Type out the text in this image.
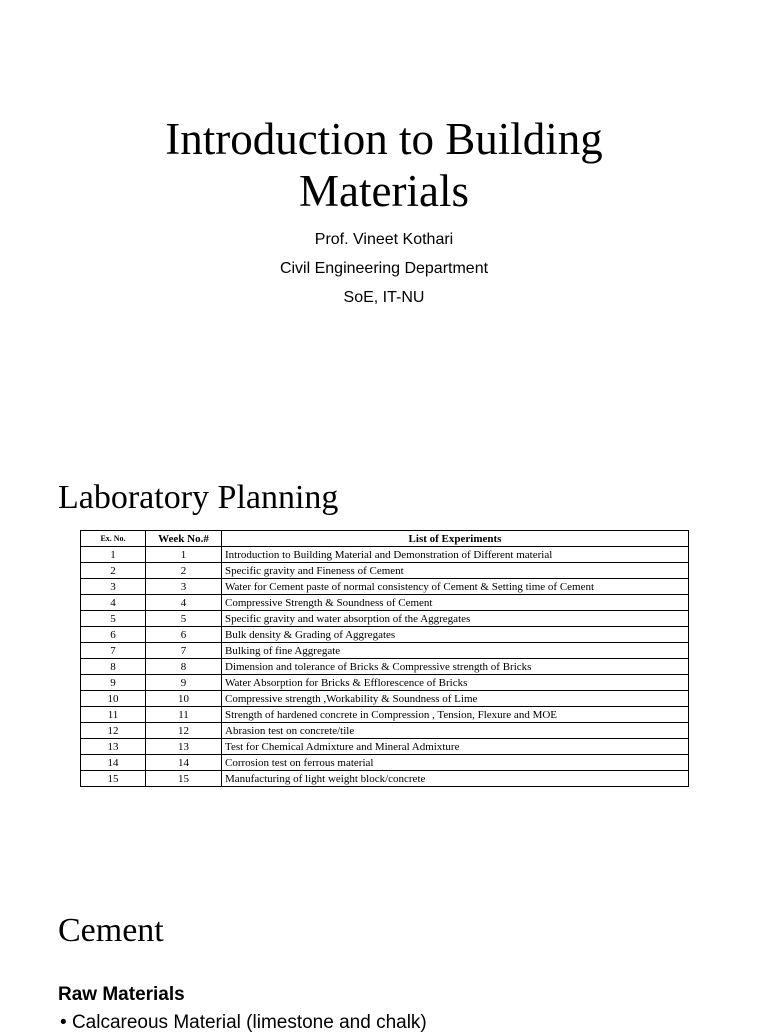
Introduction to Building
Materials
Prof. Vineet Kothari
Civil Engineering Department
SoE, IT-NU
Laboratory Planning
Ex. No.	Week No.#	List of Experiments
1	1	Introduction to Building Material and Demonstration of Different material
2	2	Specific gravity and Fineness of Cement
3	3	Water for Cement paste of normal consistency of Cement & Setting time of Cement
4	4	Compressive Strength & Soundness of Cement
5	5	Specific gravity and water absorption of the Aggregates
6	6	Bulk density & Grading of Aggregates
7	7	Bulking of fine Aggregate
8	8	Dimension and tolerance of Bricks & Compressive strength of Bricks
9	9	Water Absorption for Bricks & Efflorescence of Bricks
10	10	Compressive strength ,Workability & Soundness of Lime
11	11	Strength of hardened concrete in Compression , Tension, Flexure and MOE
12	12	Abrasion test on concrete/tile
13	13	Test for Chemical Admixture and Mineral Admixture
14	14	Corrosion test on ferrous material
15	15	Manufacturing of light weight block/concrete
Cement
Raw Materials
• Calcareous Material (limestone and chalk)
